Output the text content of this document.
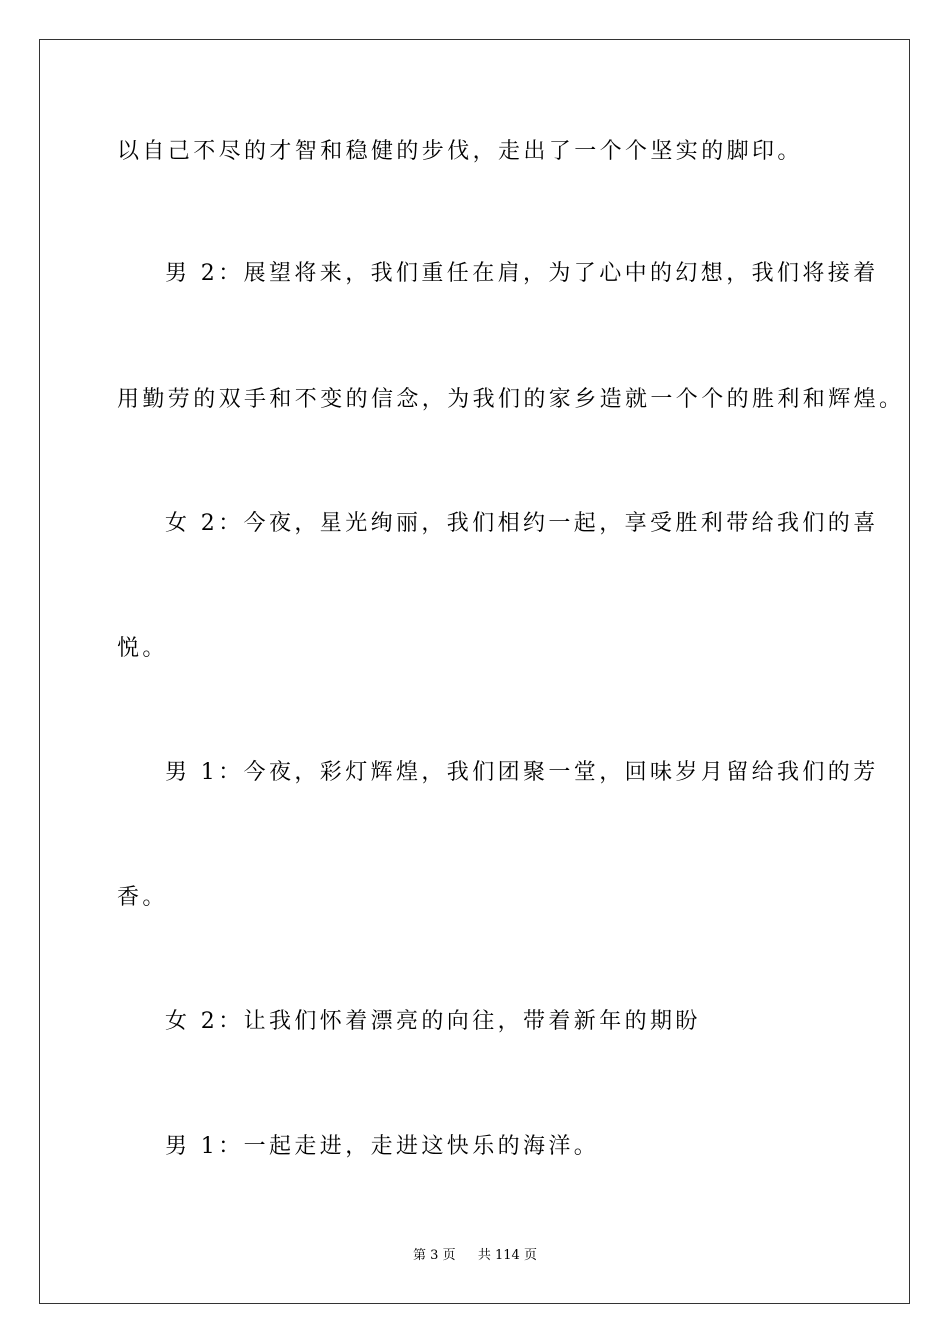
以自己不尽的才智和稳健的步伐，走出了一个个坚实的脚印。
男 2：展望将来，我们重任在肩，为了心中的幻想，我们将接着
用勤劳的双手和不变的信念，为我们的家乡造就一个个的胜利和辉煌。
女 2：今夜，星光绚丽，我们相约一起，享受胜利带给我们的喜
悦。
男 1：今夜，彩灯辉煌，我们团聚一堂，回味岁月留给我们的芳
香。
女 2：让我们怀着漂亮的向往，带着新年的期盼
男 1：一起走进，走进这快乐的海洋。
第 3 页 共 114 页
